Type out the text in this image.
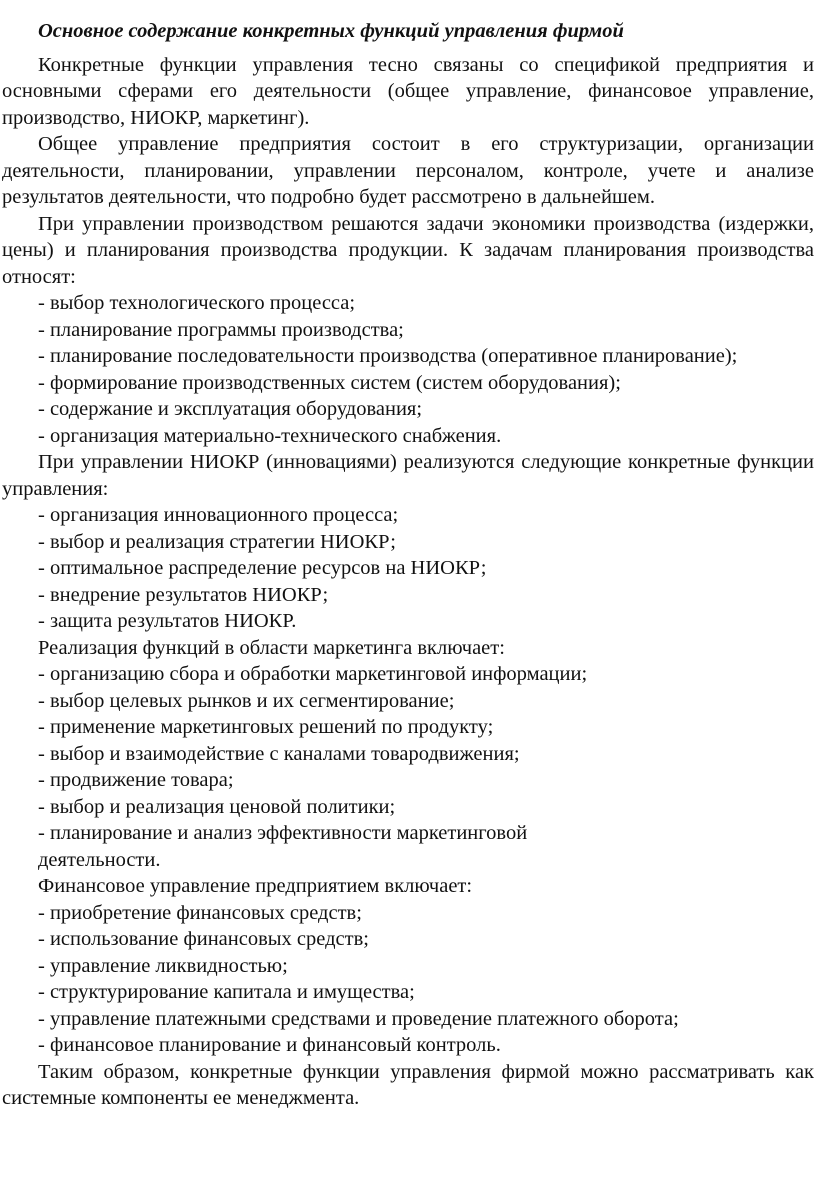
Основное содержание конкретных функций управления фирмой

Конкретные функции управления тесно связаны со спецификой предприятия и основными сферами его деятельности (общее управление, финансовое управление, производство, НИОКР, маркетинг).

Общее управление предприятия состоит в его структуризации, организации деятельности, планировании, управлении персоналом, контроле, учете и анализе результатов деятельности, что подробно будет рассмотрено в дальнейшем.

При управлении производством решаются задачи экономики производства (издержки, цены) и планирования производства продукции. К задачам планирования производства относят:

- выбор технологического процесса;
- планирование программы производства;
- планирование последовательности производства (оперативное планирование);
- формирование производственных систем (систем оборудования);
- содержание и эксплуатация оборудования;
- организация материально-технического снабжения.

При управлении НИОКР (инновациями) реализуются следующие конкретные функции управления:

- организация инновационного процесса;
- выбор и реализация стратегии НИОКР;
- оптимальное распределение ресурсов на НИОКР;
- внедрение результатов НИОКР;
- защита результатов НИОКР.
Реализация функций в области маркетинга включает:
- организацию сбора и обработки маркетинговой информации;
- выбор целевых рынков и их сегментирование;
- применение маркетинговых решений по продукту;
- выбор и взаимодействие с каналами товародвижения;
- продвижение товара;
- выбор и реализация ценовой политики;
- планирование и анализ эффективности маркетинговой
деятельности.
Финансовое управление предприятием включает:
- приобретение финансовых средств;
- использование финансовых средств;
- управление ликвидностью;
- структурирование капитала и имущества;
- управление платежными средствами и проведение платежного оборота;
- финансовое планирование и финансовый контроль.

Таким образом, конкретные функции управления фирмой можно рассматривать как системные компоненты ее менеджмента.
